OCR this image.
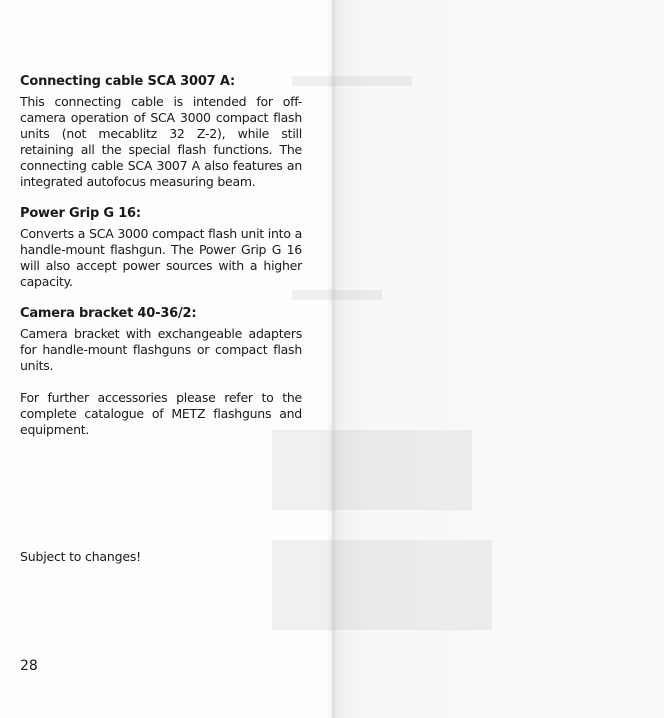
Connecting cable SCA 3007 A:
This connecting cable is intended for off-camera operation of SCA 3000 compact flash units (not mecablitz 32 Z-2), while still retaining all the special flash functions. The connecting cable SCA 3007 A also features an integrated autofocus measuring beam.
Power Grip G 16:
Converts a SCA 3000 compact flash unit into a handle-mount flashgun. The Power Grip G 16 will also accept power sources with a higher capacity.
Camera bracket 40-36/2:
Camera bracket with exchangeable adapters for handle-mount flashguns or compact flash units.
For further accessories please refer to the complete catalogue of METZ flashguns and equipment.
Subject to changes!
28
